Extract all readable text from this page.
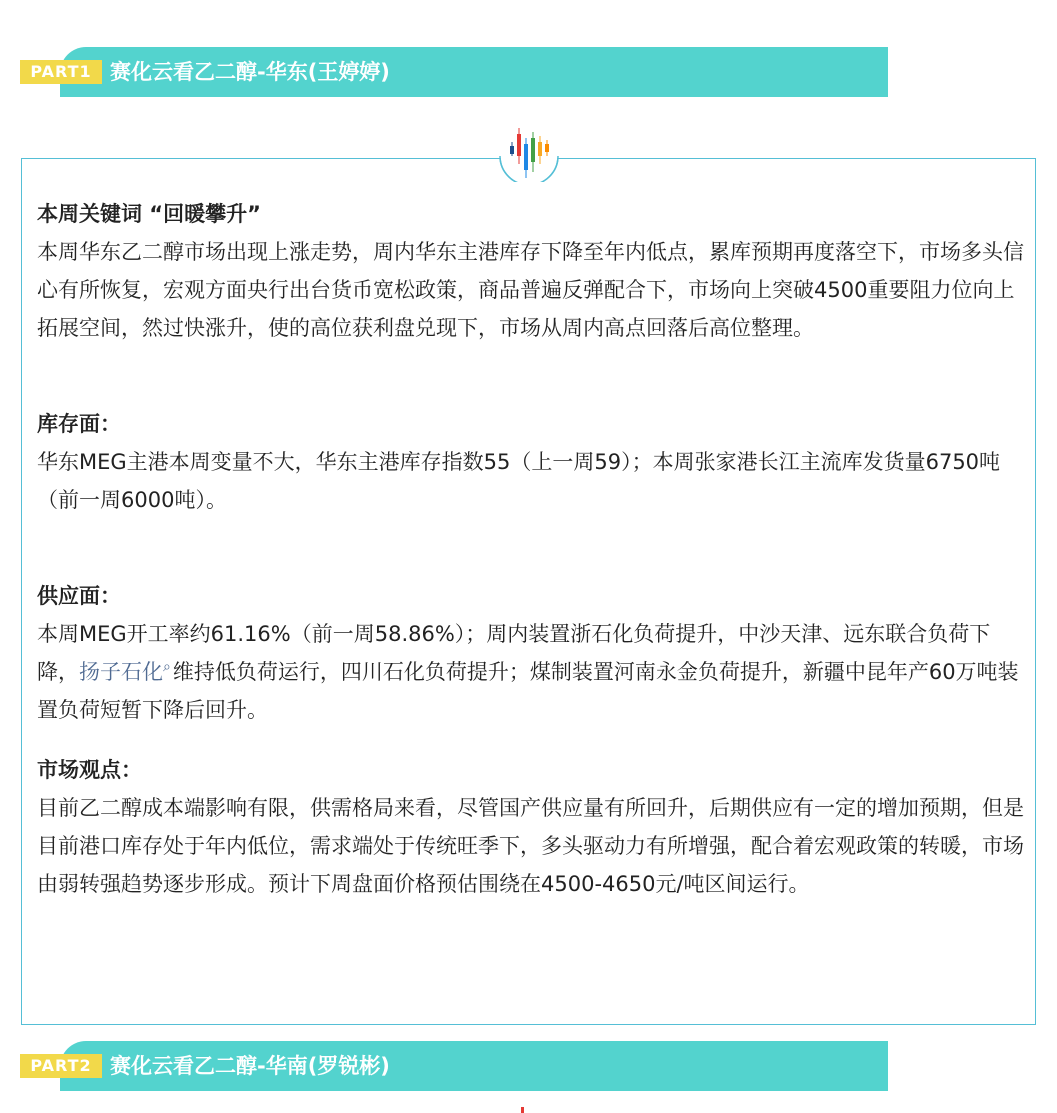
PART1 赛化云看乙二醇-华东(王婷婷)

本周关键词 “回暖攀升”

本周华东乙二醇市场出现上涨走势，周内华东主港库存下降至年内低点，累库预期再度落空下，市场多头信心有所恢复，宏观方面央行出台货币宽松政策，商品普遍反弹配合下，市场向上突破4500重要阻力位向上拓展空间，然过快涨升，使的高位获利盘兑现下，市场从周内高点回落后高位整理。

库存面：

华东MEG主港本周变量不大，华东主港库存指数55（上一周59）；本周张家港长江主流库发货量6750吨（前一周6000吨）。

供应面：

本周MEG开工率约61.16%（前一周58.86%）；周内装置浙石化负荷提升，中沙天津、远东联合负荷下降，扬子石化⌕维持低负荷运行，四川石化负荷提升；煤制装置河南永金负荷提升，新疆中昆年产60万吨装置负荷短暂下降后回升。

市场观点：

目前乙二醇成本端影响有限，供需格局来看，尽管国产供应量有所回升，后期供应有一定的增加预期，但是目前港口库存处于年内低位，需求端处于传统旺季下，多头驱动力有所增强，配合着宏观政策的转暖，市场由弱转强趋势逐步形成。预计下周盘面价格预估围绕在4500-4650元/吨区间运行。

PART2 赛化云看乙二醇-华南(罗锐彬)
